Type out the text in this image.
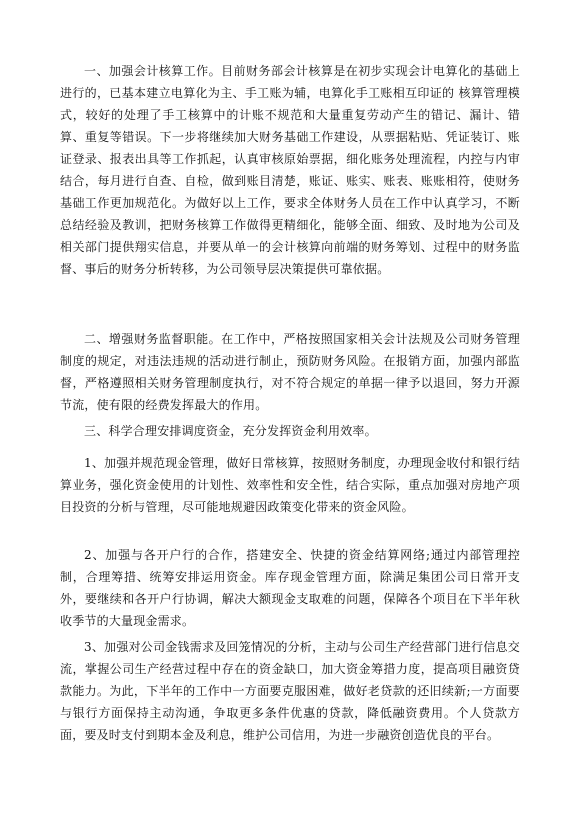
一、加强会计核算工作。目前财务部会计核算是在初步实现会计电算化的基础上进行的，已基本建立电算化为主、手工账为辅，电算化手工账相互印证的 核算管理模式，较好的处理了手工核算中的计账不规范和大量重复劳动产生的错记、漏计、错算、重复等错误。下一步将继续加大财务基础工作建设，从票据粘贴、凭证装订、账证登录、报表出具等工作抓起，认真审核原始票据，细化账务处理流程，内控与内审结合，每月进行自查、自检，做到账目清楚，账证、账实、账表、账账相符，使财务基础工作更加规范化。为做好以上工作，要求全体财务人员在工作中认真学习，不断总结经验及教训，把财务核算工作做得更精细化，能够全面、细致、及时地为公司及相关部门提供翔实信息，并要从单一的会计核算向前端的财务筹划、过程中的财务监督、事后的财务分析转移，为公司领导层决策提供可靠依据。

二、增强财务监督职能。在工作中，严格按照国家相关会计法规及公司财务管理制度的规定，对违法违规的活动进行制止，预防财务风险。在报销方面，加强内部监督，严格遵照相关财务管理制度执行，对不符合规定的单据一律予以退回，努力开源节流，使有限的经费发挥最大的作用。

三、科学合理安排调度资金，充分发挥资金利用效率。

1、加强并规范现金管理，做好日常核算，按照财务制度，办理现金收付和银行结算业务，强化资金使用的计划性、效率性和安全性，结合实际，重点加强对房地产项目投资的分析与管理，尽可能地规避因政策变化带来的资金风险。

2、加强与各开户行的合作，搭建安全、快捷的资金结算网络;通过内部管理控制，合理筹措、统筹安排运用资金。库存现金管理方面，除满足集团公司日常开支外，要继续和各开户行协调，解决大额现金支取难的问题，保障各个项目在下半年秋收季节的大量现金需求。

3、加强对公司金钱需求及回笼情况的分析，主动与公司生产经营部门进行信息交流，掌握公司生产经营过程中存在的资金缺口，加大资金筹措力度，提高项目融资贷款能力。为此，下半年的工作中一方面要克服困难，做好老贷款的还旧续新;一方面要与银行方面保持主动沟通，争取更多条件优惠的贷款，降低融资费用。个人贷款方面，要及时支付到期本金及利息，维护公司信用，为进一步融资创造优良的平台。
